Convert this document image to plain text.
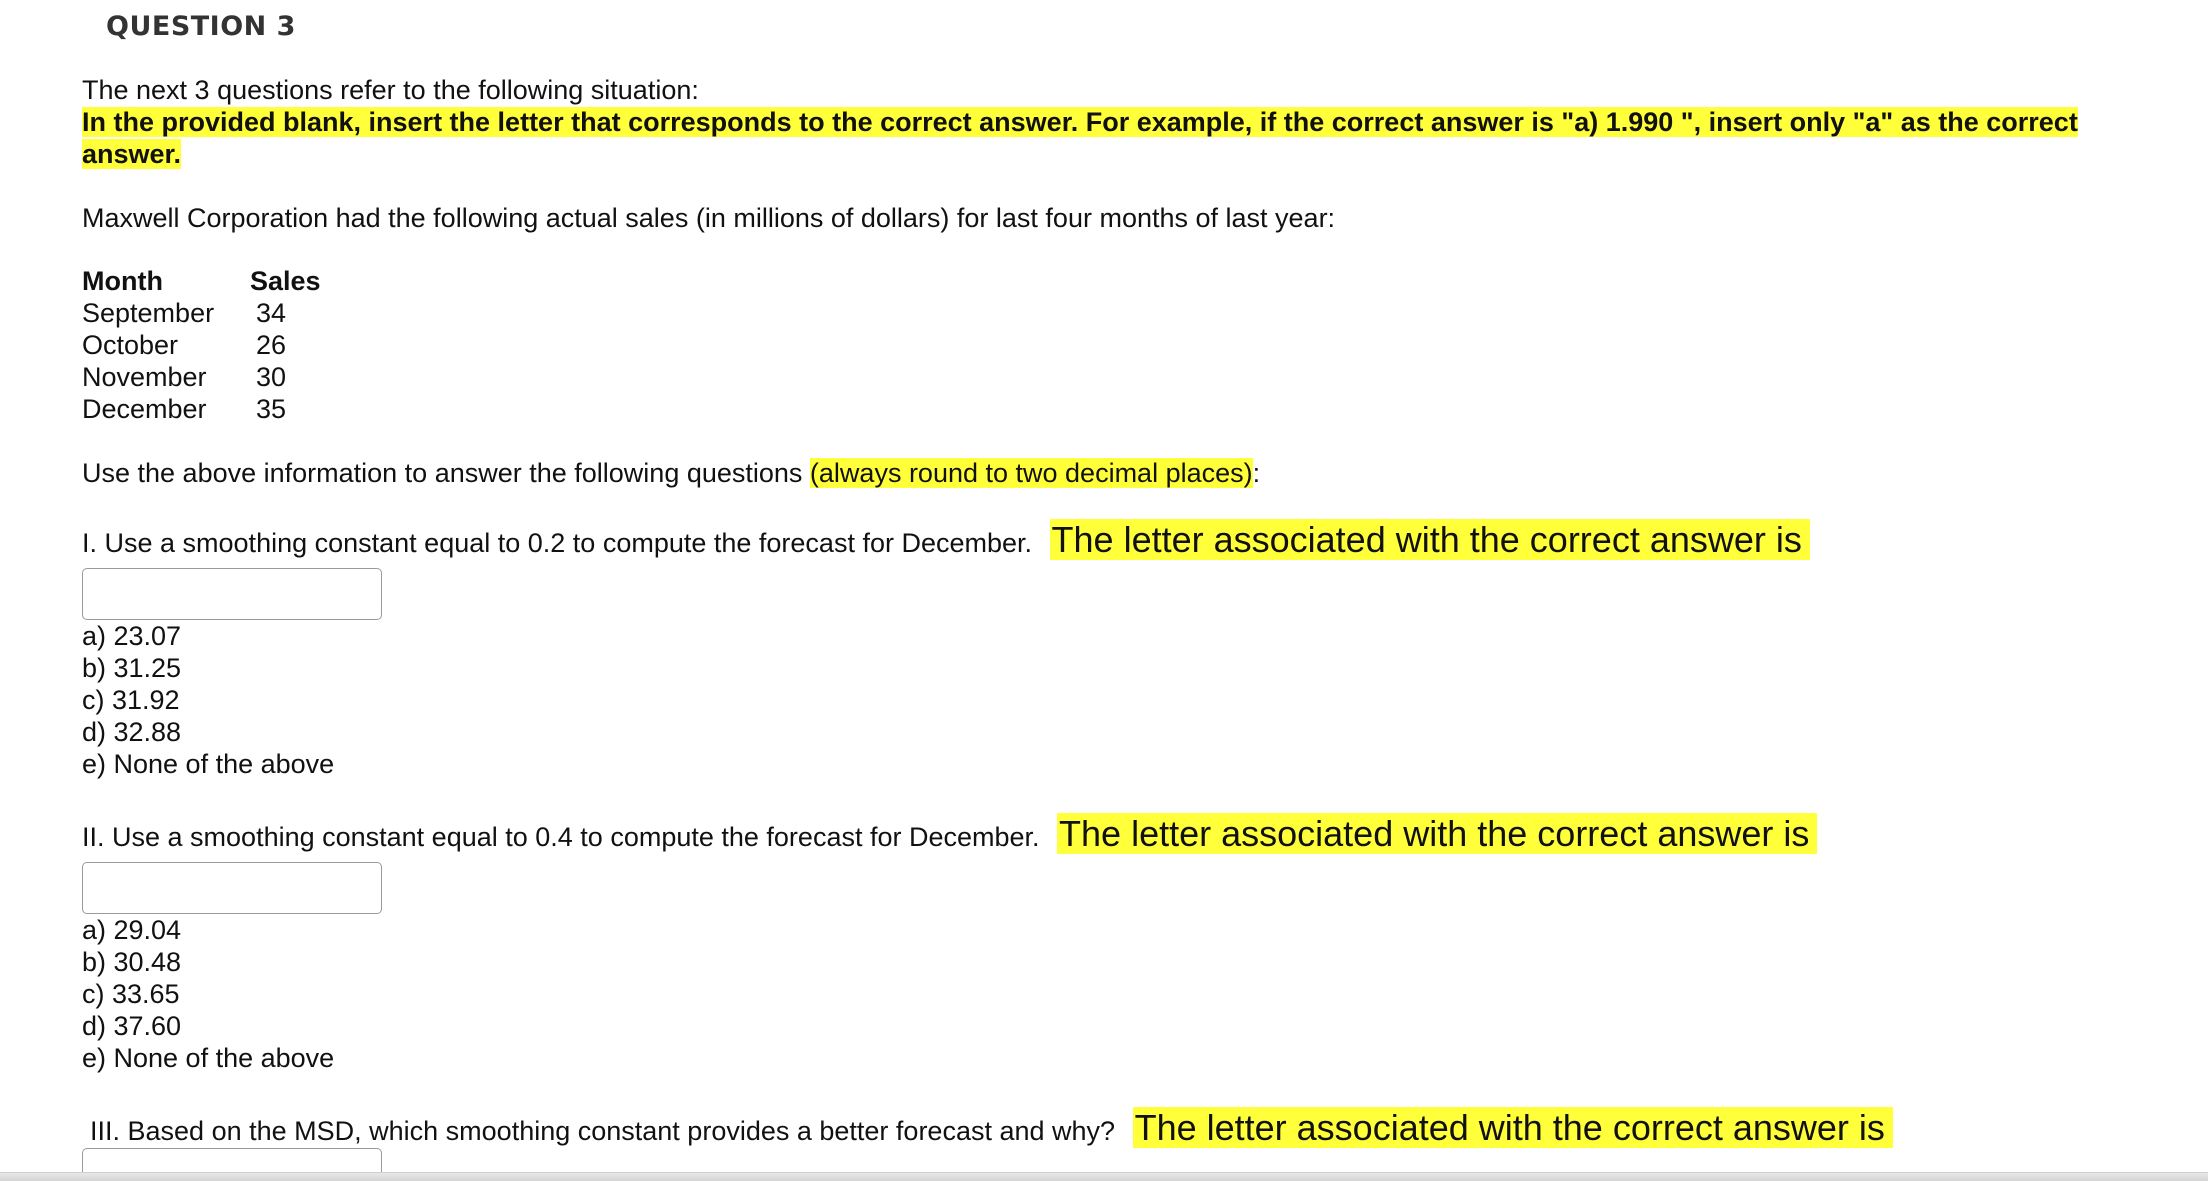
QUESTION 3

The next 3 questions refer to the following situation:

In the provided blank, insert the letter that corresponds to the correct answer. For example, if the correct answer is "a) 1.990 ", insert only "a" as the correct answer.

Maxwell Corporation had the following actual sales (in millions of dollars) for last four months of last year:

Month	Sales
September	34
October	26
November	30
December	35

Use the above information to answer the following questions (always round to two decimal places):

I. Use a smoothing constant equal to 0.2 to compute the forecast for December. The letter associated with the correct answer is

a) 23.07
b) 31.25
c) 31.92
d) 32.88
e) None of the above

II. Use a smoothing constant equal to 0.4 to compute the forecast for December. The letter associated with the correct answer is

a) 29.04
b) 30.48
c) 33.65
d) 37.60
e) None of the above

III. Based on the MSD, which smoothing constant provides a better forecast and why? The letter associated with the correct answer is
